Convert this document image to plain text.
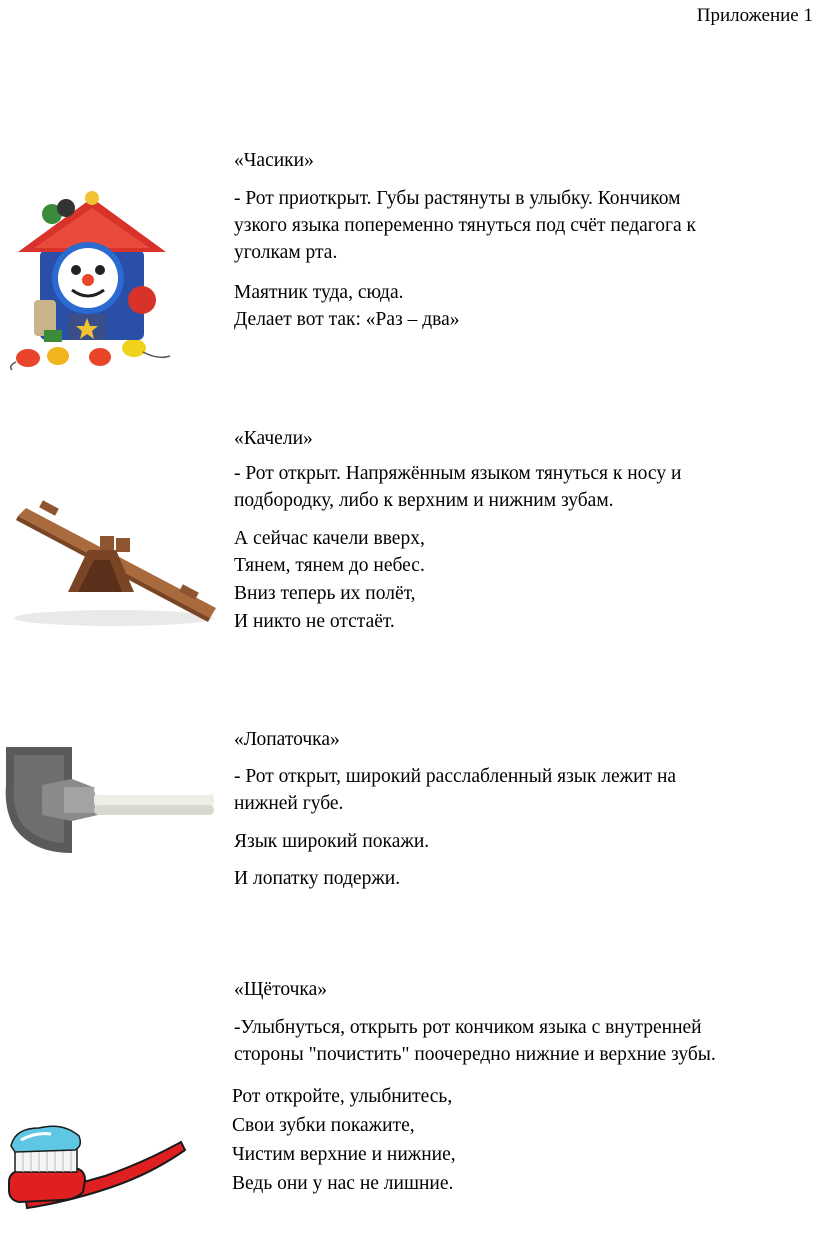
Приложение 1
«Часики»
- Рот приоткрыт. Губы растянуты в улыбку. Кончиком
узкого языка попеременно тянуться под счёт педагога к
уголкам рта.
Маятник туда, сюда.
Делает вот так: «Раз – два»
«Качели»
- Рот открыт. Напряжённым языком тянуться к носу и
подбородку, либо к верхним и нижним зубам.
А сейчас качели вверх,
Тянем, тянем до небес.
Вниз теперь их полёт,
И никто не отстаёт.
«Лопаточка»
- Рот открыт, широкий расслабленный язык лежит на
нижней губе.
Язык широкий покажи.
И лопатку подержи.
«Щёточка»
-Улыбнуться, открыть рот кончиком языка с внутренней
стороны "почистить" поочередно нижние и верхние зубы.
Рот откройте, улыбнитесь,
Свои зубки покажите,
Чистим верхние и нижние,
Ведь они у нас не лишние.
